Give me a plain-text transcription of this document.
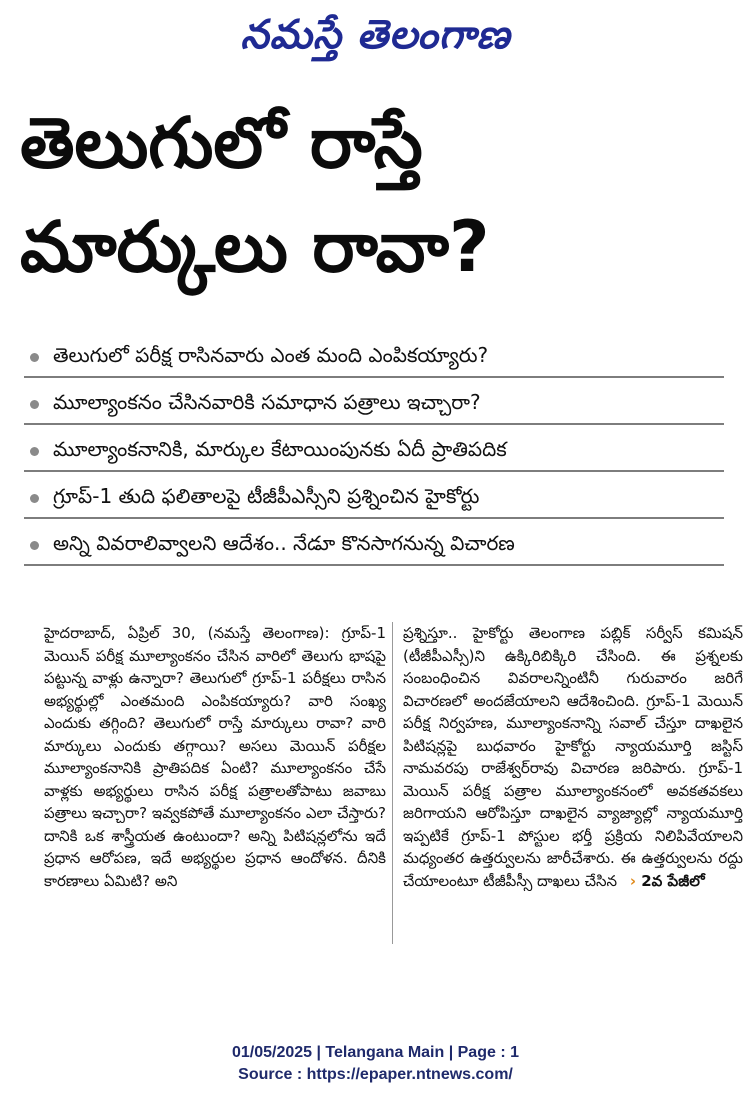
నమస్తే తెలంగాణ
తెలుగులో రాస్తే
మార్కులు రావా?
తెలుగులో పరీక్ష రాసినవారు ఎంత మంది ఎంపికయ్యారు?
మూల్యాంకనం చేసినవారికి సమాధాన పత్రాలు ఇచ్చారా?
మూల్యాంకనానికి, మార్కుల కేటాయింపునకు ఏదీ ప్రాతిపదిక
గ్రూప్-1 తుది ఫలితాలపై టీజీపీఎస్సీని ప్రశ్నించిన హైకోర్టు
అన్ని వివరాలివ్వాలని ఆదేశం.. నేడూ కొనసాగనున్న విచారణ
హైదరాబాద్, ఏప్రిల్ 30, (నమస్తే తెలంగాణ): గ్రూప్-1 మెయిన్ పరీక్ష మూల్యాంకనం చేసిన వారిలో తెలుగు భాషపై పట్టున్న వాళ్లు ఉన్నారా? తెలుగులో గ్రూప్-1 పరీక్షలు రాసిన అభ్యర్థుల్లో ఎంతమంది ఎంపికయ్యారు? వారి సంఖ్య ఎందుకు తగ్గింది? తెలుగులో రాస్తే మార్కులు రావా? వారి మార్కులు ఎందుకు తగ్గాయి? అసలు మెయిన్ పరీక్షల మూల్యాంకనానికి ప్రాతిపదిక ఏంటి? మూల్యాంకనం చేసే వాళ్లకు అభ్యర్థులు రాసిన పరీక్ష పత్రాలతోపాటు జవాబు పత్రాలు ఇచ్చారా? ఇవ్వకపోతే మూల్యాంకనం ఎలా చేస్తారు? దానికి ఒక శాస్త్రీయత ఉంటుందా? అన్ని పిటిషన్లలోను ఇదే ప్రధాన ఆరోపణ, ఇదే అభ్యర్థుల ప్రధాన ఆందోళన. దీనికి కారణాలు ఏమిటి? అని
ప్రశ్నిస్తూ.. హైకోర్టు తెలంగాణ పబ్లిక్ సర్వీస్ కమిషన్ (టీజీపీఎస్సీ)ని ఉక్కిరిబిక్కిరి చేసింది. ఈ ప్రశ్నలకు సంబంధించిన వివరాలన్నింటినీ గురువారం జరిగే విచారణలో అందజేయాలని ఆదేశించింది. గ్రూప్-1 మెయిన్ పరీక్ష నిర్వహణ, మూల్యాంకనాన్ని సవాల్ చేస్తూ దాఖలైన పిటిషన్లపై బుధవారం హైకోర్టు న్యాయమూర్తి జస్టిస్ నామవరపు రాజేశ్వర్‌రావు విచారణ జరిపారు. గ్రూప్-1 మెయిన్ పరీక్ష పత్రాల మూల్యాంకనంలో అవకతవకలు జరిగాయని ఆరోపిస్తూ దాఖలైన వ్యాజ్యాల్లో న్యాయమూర్తి ఇప్పటికే గ్రూప్-1 పోస్టుల భర్తీ ప్రక్రియ నిలిపివేయాలని మధ్యంతర ఉత్తర్వులను జారీచేశారు. ఈ ఉత్తర్వులను రద్దు చేయాలంటూ టీజీపీస్సీ దాఖలు చేసిన › 2వ పేజీలో
01/05/2025 | Telangana Main | Page : 1
Source : https://epaper.ntnews.com/
